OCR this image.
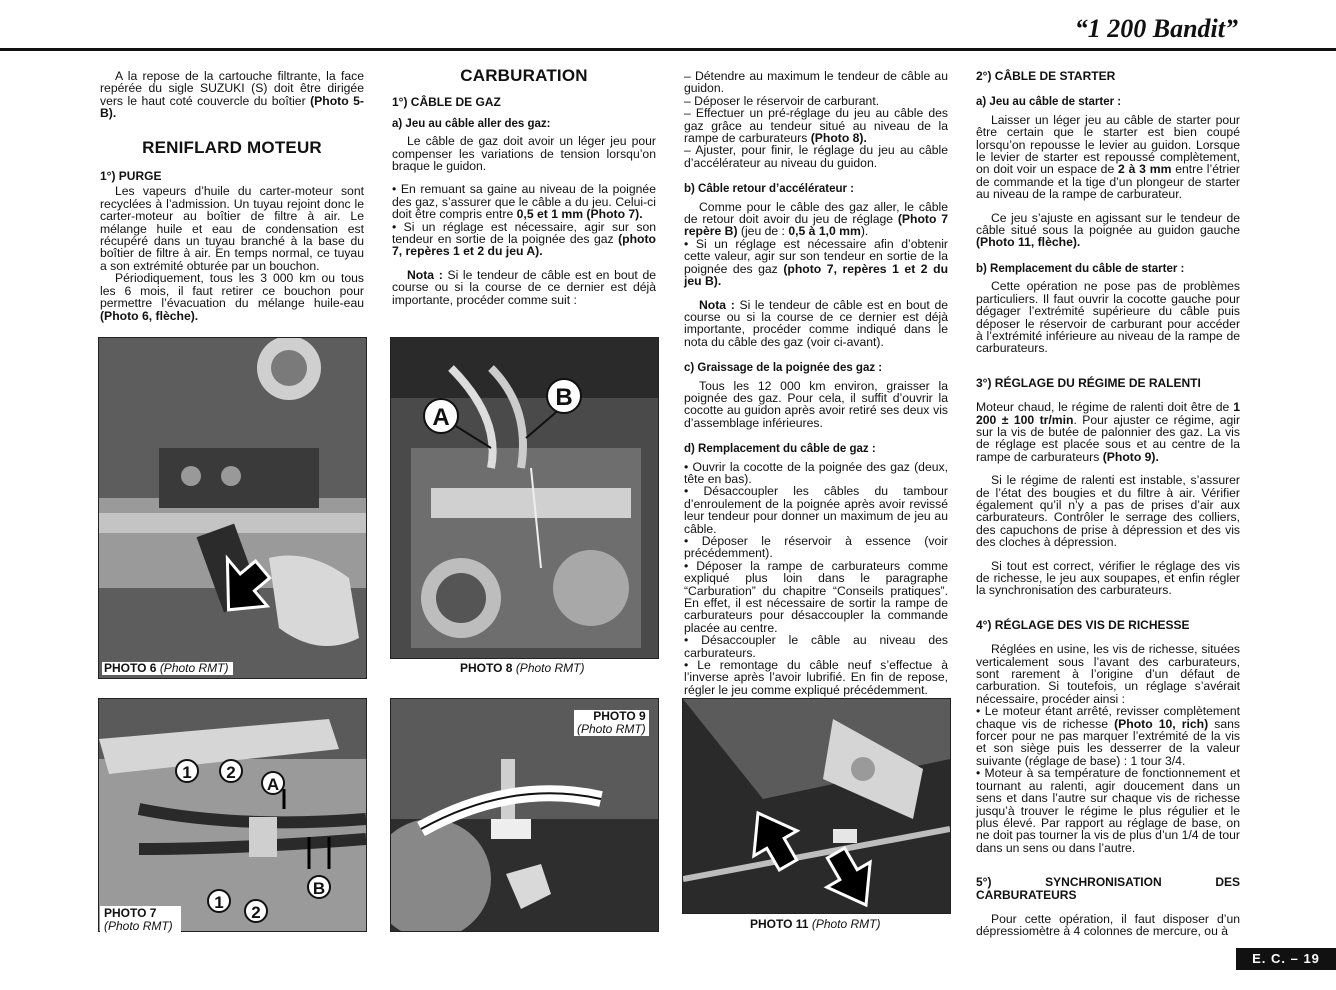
“1 200 Bandit”

A la repose de la cartouche filtrante, la face repérée du sigle SUZUKI (S) doit être dirigée vers le haut coté couvercle du boîtier (Photo 5-B).

RENIFLARD MOTEUR

1°) PURGE

Les vapeurs d’huile du carter-moteur sont recyclées à l’admission. Un tuyau rejoint donc le carter-moteur au boîtier de filtre à air. Le mélange huile et eau de condensation est récupéré dans un tuyau branché à la base du boîtier de filtre à air. En temps normal, ce tuyau a son extrémité obturée par un bouchon.

Périodiquement, tous les 3 000 km ou tous les 6 mois, il faut retirer ce bouchon pour permettre l’évacuation du mélange huile-eau (Photo 6, flèche).

CARBURATION

1°) CÂBLE DE GAZ

a) Jeu au câble aller des gaz:

Le câble de gaz doit avoir un léger jeu pour compenser les variations de tension lorsqu’on braque le guidon.

• En remuant sa gaine au niveau de la poignée des gaz, s’assurer que le câble a du jeu. Celui-ci doit être compris entre 0,5 et 1 mm (Photo 7).

• Si un réglage est nécessaire, agir sur son tendeur en sortie de la poignée des gaz (photo 7, repères 1 et 2 du jeu A).

Nota : Si le tendeur de câble est en bout de course ou si la course de ce dernier est déjà importante, procéder comme suit :

– Détendre au maximum le tendeur de câble au guidon.

– Déposer le réservoir de carburant.

– Effectuer un pré-réglage du jeu au câble des gaz grâce au tendeur situé au niveau de la rampe de carburateurs (Photo 8).

– Ajuster, pour finir, le réglage du jeu au câble d’accélérateur au niveau du guidon.

b) Câble retour d’accélérateur :

Comme pour le câble des gaz aller, le câble de retour doit avoir du jeu de réglage (Photo 7 repère B) (jeu de : 0,5 à 1,0 mm).

• Si un réglage est nécessaire afin d’obtenir cette valeur, agir sur son tendeur en sortie de la poignée des gaz (photo 7, repères 1 et 2 du jeu B).

Nota : Si le tendeur de câble est en bout de course ou si la course de ce dernier est déjà importante, procéder comme indiqué dans le nota du câble des gaz (voir ci-avant).

c) Graissage de la poignée des gaz :

Tous les 12 000 km environ, graisser la poignée des gaz. Pour cela, il suffit d’ouvrir la cocotte au guidon après avoir retiré ses deux vis d’assemblage inférieures.

d) Remplacement du câble de gaz :

• Ouvrir la cocotte de la poignée des gaz (deux, tête en bas).

• Désaccoupler les câbles du tambour d’enroulement de la poignée après avoir revissé leur tendeur pour donner un maximum de jeu au câble.

• Déposer le réservoir à essence (voir précédemment).

• Déposer la rampe de carburateurs comme expliqué plus loin dans le paragraphe “Carburation” du chapitre “Conseils pratiques”. En effet, il est nécessaire de sortir la rampe de carburateurs pour désaccoupler la commande placée au centre.

• Désaccoupler le câble au niveau des carburateurs.

• Le remontage du câble neuf s’effectue à l’inverse après l’avoir lubrifié. En fin de repose, régler le jeu comme expliqué précédemment.

2°) CÂBLE DE STARTER

a) Jeu au câble de starter :

Laisser un léger jeu au câble de starter pour être certain que le starter est bien coupé lorsqu’on repousse le levier au guidon. Lorsque le levier de starter est repoussé complètement, on doit voir un espace de 2 à 3 mm entre l’étrier de commande et la tige d’un plongeur de starter au niveau de la rampe de carburateur.

Ce jeu s’ajuste en agissant sur le tendeur de câble situé sous la poignée au guidon gauche (Photo 11, flèche).

b) Remplacement du câble de starter :

Cette opération ne pose pas de problèmes particuliers. Il faut ouvrir la cocotte gauche pour dégager l’extrémité supérieure du câble puis déposer le réservoir de carburant pour accéder à l’extrémité inférieure au niveau de la rampe de carburateurs.

3°) RÉGLAGE DU RÉGIME DE RALENTI

Moteur chaud, le régime de ralenti doit être de 1 200 ± 100 tr/min. Pour ajuster ce régime, agir sur la vis de butée de palonnier des gaz. La vis de réglage est placée sous et au centre de la rampe de carburateurs (Photo 9).

Si le régime de ralenti est instable, s’assurer de l’état des bougies et du filtre à air. Vérifier également qu’il n’y a pas de prises d’air aux carburateurs. Contrôler le serrage des colliers, des capuchons de prise à dépression et des vis des cloches à dépression.

Si tout est correct, vérifier le réglage des vis de richesse, le jeu aux soupapes, et enfin régler la synchronisation des carburateurs.

4°) RÉGLAGE DES VIS DE RICHESSE

Réglées en usine, les vis de richesse, situées verticalement sous l’avant des carburateurs, sont rarement à l’origine d’un défaut de carburation. Si toutefois, un réglage s’avérait nécessaire, procéder ainsi :

• Le moteur étant arrêté, revisser complètement chaque vis de richesse (Photo 10, rich) sans forcer pour ne pas marquer l’extrémité de la vis et son siège puis les desserrer de la valeur suivante (réglage de base) : 1 tour 3/4.

• Moteur à sa température de fonctionnement et tournant au ralenti, agir doucement dans un sens et dans l’autre sur chaque vis de richesse jusqu’à trouver le régime le plus régulier et le plus élevé. Par rapport au réglage de base, on ne doit pas tourner la vis de plus d’un 1/4 de tour dans un sens ou dans l’autre.

5°) SYNCHRONISATION DES CARBURATEURS

Pour cette opération, il faut disposer d’un dépressiomètre à 4 colonnes de mercure, ou à

PHOTO 6 (Photo RMT)
A
B
PHOTO 8 (Photo RMT)
1 2
A
1
2
B
PHOTO 7
(Photo RMT)
PHOTO 9
(Photo RMT)
PHOTO 11 (Photo RMT)
E. C. – 19
